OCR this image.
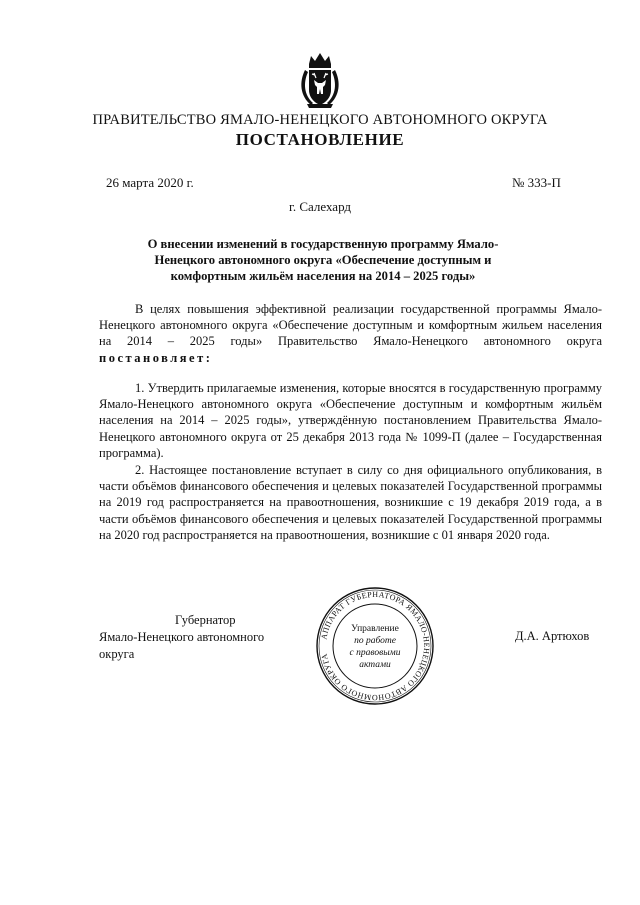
ПРАВИТЕЛЬСТВО ЯМАЛО-НЕНЕЦКОГО АВТОНОМНОГО ОКРУГА
ПОСТАНОВЛЕНИЕ
26 марта 2020 г.	№ 333-П
г. Салехард
О внесении изменений в государственную программу Ямало-Ненецкого автономного округа «Обеспечение доступным и комфортным жильём населения на 2014 – 2025 годы»

В целях повышения эффективной реализации государственной программы Ямало-Ненецкого автономного округа «Обеспечение доступным и комфортным жильем населения на 2014 – 2025 годы» Правительство Ямало-Ненецкого автономного округа постановляет:

1. Утвердить прилагаемые изменения, которые вносятся в государственную программу Ямало-Ненецкого автономного округа «Обеспечение доступным и комфортным жильём населения на 2014 – 2025 годы», утверждённую постановлением Правительства Ямало-Ненецкого автономного округа от 25 декабря 2013 года № 1099-П (далее – Государственная программа).

2. Настоящее постановление вступает в силу со дня официального опубликования, в части объёмов финансового обеспечения и целевых показателей Государственной программы на 2019 год распространяется на правоотношения, возникшие с 19 декабря 2019 года, а в части объёмов финансового обеспечения и целевых показателей Государственной программы на 2020 год распространяется на правоотношения, возникшие с 01 января 2020 года.

Губернатор
Ямало-Ненецкого автономного округа
Д.А. Артюхов
АППАРАТ ГУБЕРНАТОРА ЯМАЛО-НЕНЕЦКОГО АВТОНОМНОГО ОКРУГА
Управление
по работе
с правовыми
актами
